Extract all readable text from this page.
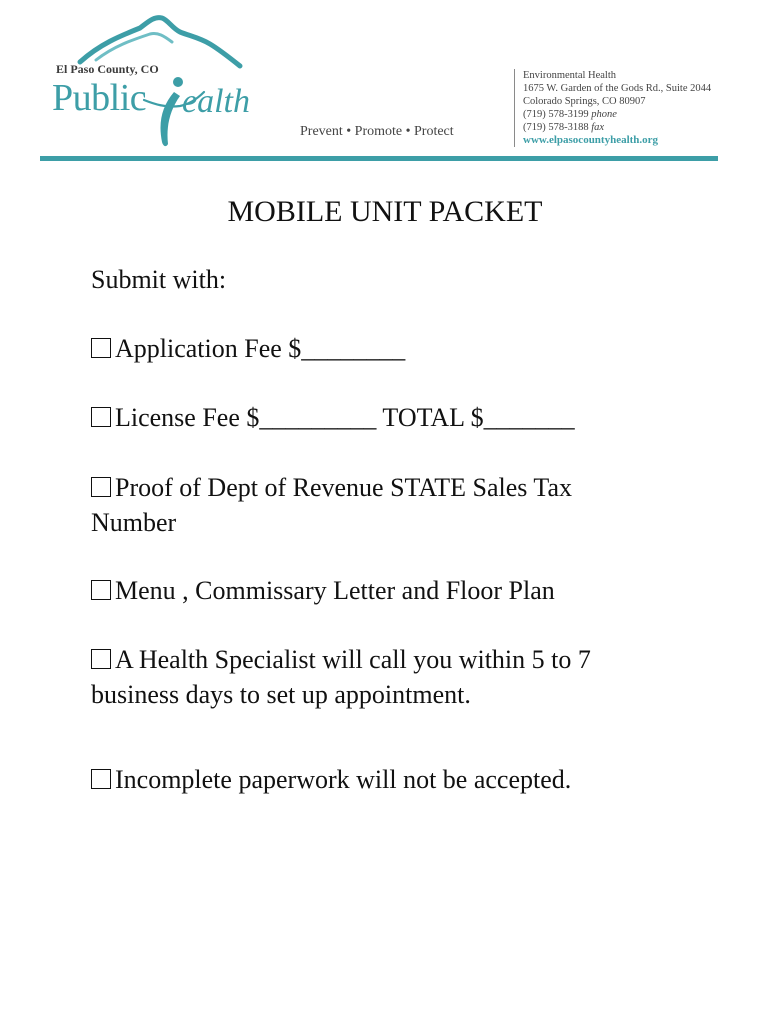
El Paso County, CO
Public ealth
Prevent • Promote • Protect
Environmental Health
1675 W. Garden of the Gods Rd., Suite 2044
Colorado Springs, CO 80907
(719) 578-3199 phone
(719) 578-3188 fax
www.elpasocountyhealth.org
MOBILE UNIT PACKET

Submit with:

Application Fee $________
License Fee $_________ TOTAL $_______
Proof of Dept of Revenue STATE Sales Tax Number
Menu , Commissary Letter and Floor Plan
A Health Specialist will call you within 5 to 7 business days to set up appointment.
Incomplete paperwork will not be accepted.
